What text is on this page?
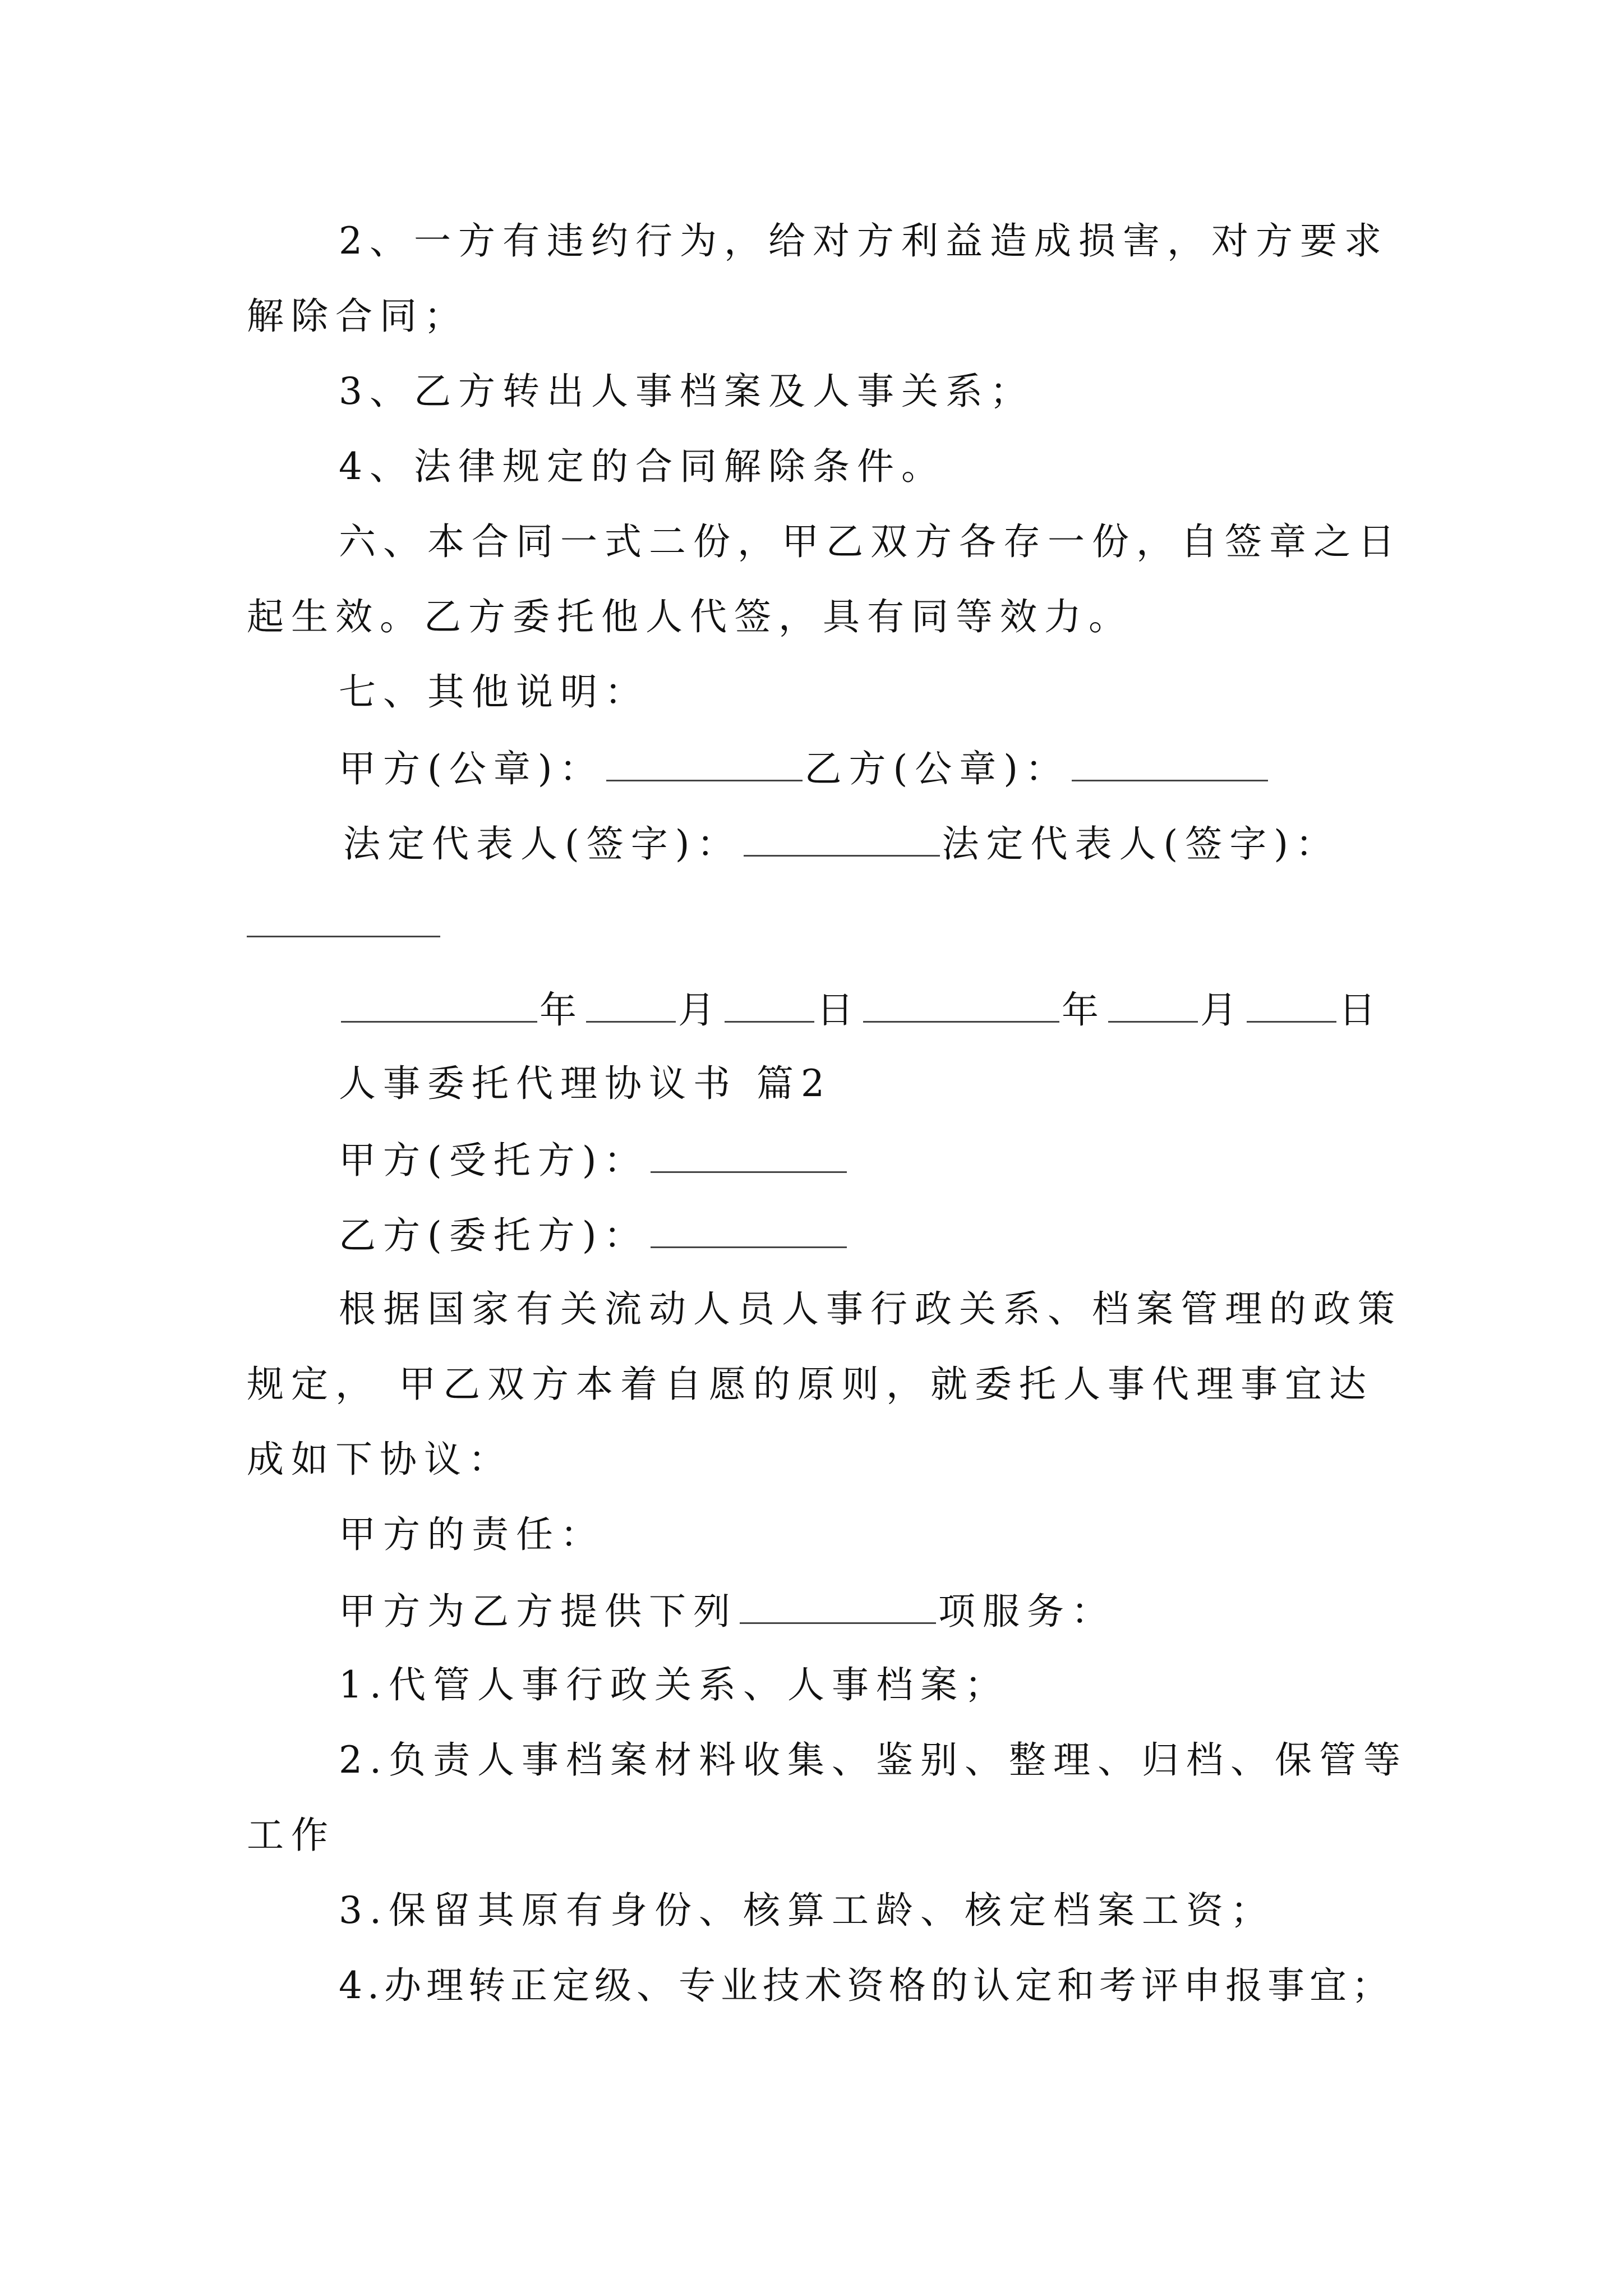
2、一方有违约行为，给对方利益造成损害，对方要求
解除合同；
3、乙方转出人事档案及人事关系；
4、法律规定的合同解除条件。
六、本合同一式二份，甲乙双方各存一份，自签章之日
起生效。乙方委托他人代签，具有同等效力。
七、其他说明：
甲方(公章)：	乙方(公章)：
法定代表人(签字)：	法定代表人(签字)：
年	月	日	年	月	日
人事委托代理协议书 篇2
甲方(受托方)：
乙方(委托方)：
根据国家有关流动人员人事行政关系、档案管理的政策
规定， 甲乙双方本着自愿的原则，就委托人事代理事宜达
成如下协议：
甲方的责任：
甲方为乙方提供下列	项服务：
1.代管人事行政关系、人事档案；
2.负责人事档案材料收集、鉴别、整理、归档、保管等
工作
3.保留其原有身份、核算工龄、核定档案工资；
4.办理转正定级、专业技术资格的认定和考评申报事宜；
